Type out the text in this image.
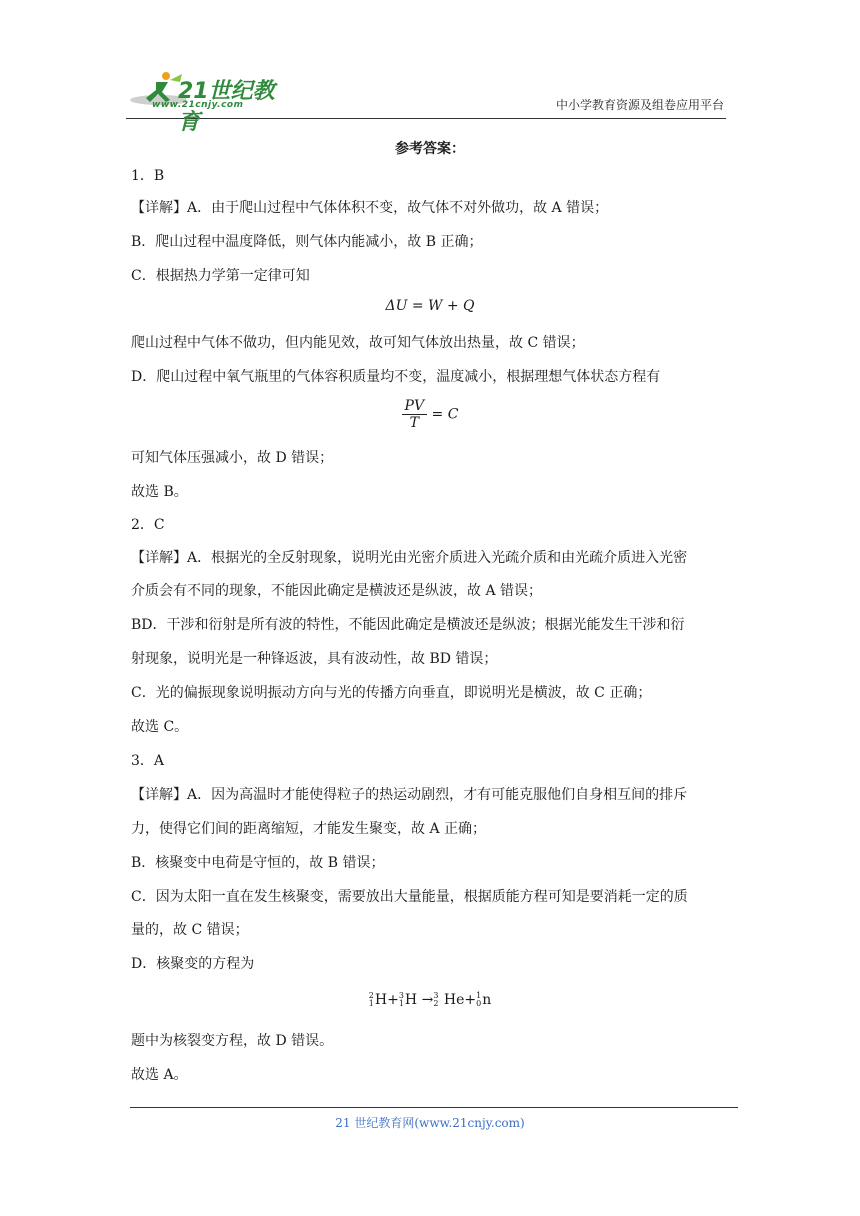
21世纪教育
www.21cnjy.com	中小学教育资源及组卷应用平台
参考答案：
1．B
【详解】A．由于爬山过程中气体体积不变，故气体不对外做功，故 A 错误；
B．爬山过程中温度降低，则气体内能减小，故 B 正确；
C．根据热力学第一定律可知
ΔU = W + Q
爬山过程中气体不做功，但内能见效，故可知气体放出热量，故 C 错误；
D．爬山过程中氧气瓶里的气体容积质量均不变，温度减小，根据理想气体状态方程有
$\frac{PV}{T} = C$
可知气体压强减小，故 D 错误；
故选 B。
2．C
【详解】A．根据光的全反射现象，说明光由光密介质进入光疏介质和由光疏介质进入光密
介质会有不同的现象，不能因此确定是横波还是纵波，故 A 错误；
BD．干涉和衍射是所有波的特性，不能因此确定是横波还是纵波；根据光能发生干涉和衍
射现象，说明光是一种锋返波，具有波动性，故 BD 错误；
C．光的偏振现象说明振动方向与光的传播方向垂直，即说明光是横波，故 C 正确；
故选 C。
3．A
【详解】A．因为高温时才能使得粒子的热运动剧烈，才有可能克服他们自身相互间的排斥
力，使得它们间的距离缩短，才能发生聚变，故 A 正确；
B．核聚变中电荷是守恒的，故 B 错误；
C．因为太阳一直在发生核聚变，需要放出大量能量，根据质能方程可知是要消耗一定的质
量的，故 C 错误；
D．核聚变的方程为
2
1 H+ 3
1 H → 3
2 He+ 1
0 n
题中为核裂变方程，故 D 错误。
故选 A。
21 世纪教育网(www.21cnjy.com)
